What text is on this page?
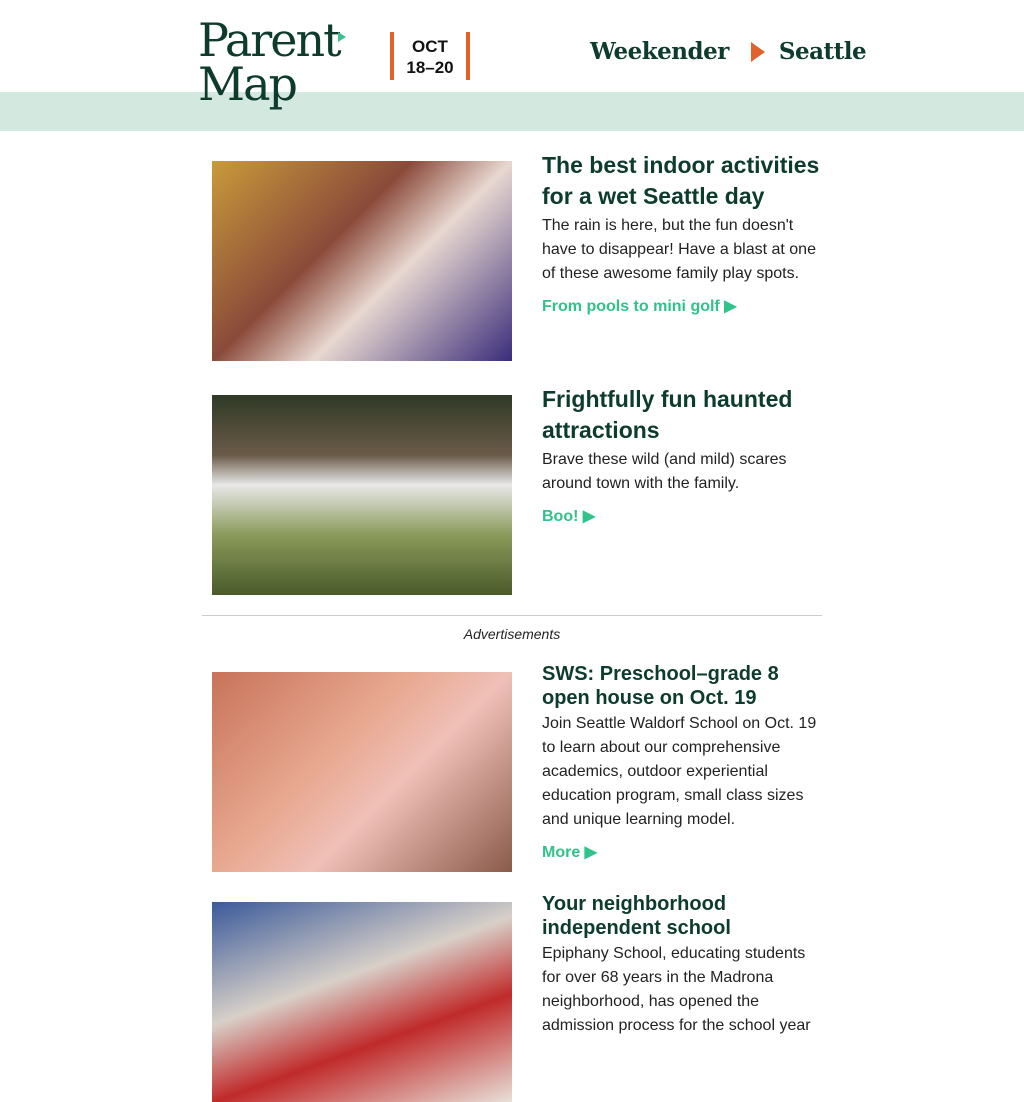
Parent
Map
OCT
18–20
Weekender Seattle
The best indoor activities for a wet Seattle day
The rain is here, but the fun doesn't have to disappear! Have a blast at one of these awesome family play spots.
From pools to mini golf ▶
Frightfully fun haunted attractions
Brave these wild (and mild) scares around town with the family.
Boo! ▶
Advertisements
SWS: Preschool–grade 8 open house on Oct. 19
Join Seattle Waldorf School on Oct. 19 to learn about our comprehensive academics, outdoor experiential education program, small class sizes and unique learning model.
More ▶
Your neighborhood independent school
Epiphany School, educating students for over 68 years in the Madrona neighborhood, has opened the admission process for the school year
